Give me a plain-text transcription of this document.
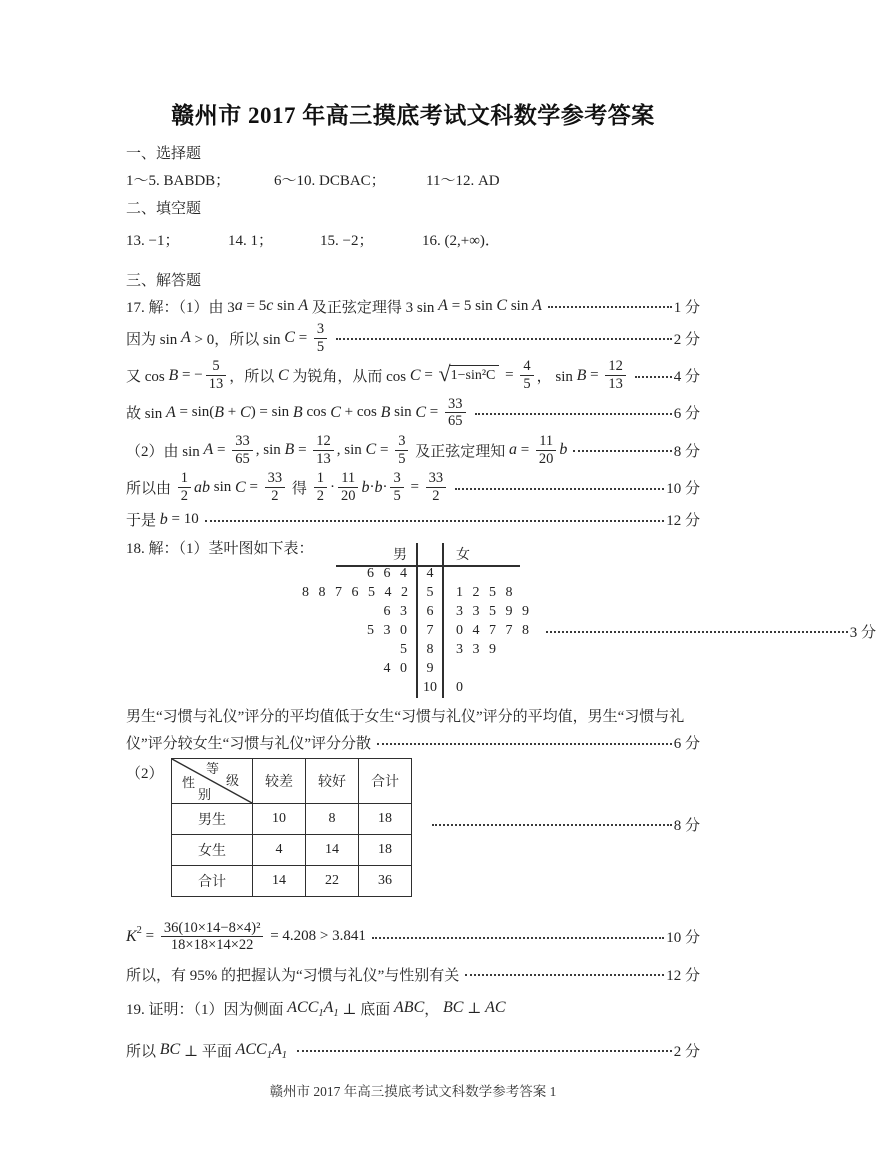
赣州市 2017 年高三摸底考试文科数学参考答案
一、选择题
1～5. BABDB；	6～10. DCBAC；	11～12. AD
二、填空题
13. −1；	14. 1；	15. −2；	16. (2,+∞)．
三、解答题
17. 解：（1）由 3 a = 5 c sin A 及正弦定理得 3 sin A = 5 sin C sin A	1 分
因为 sin A > 0，所以 $\sin C = \frac{3}{5}$	2 分
又 cos B = − $\frac{5}{13}$ ，所以 C 为锐角，从而 cos C = √ $1-\sin^2C = \frac{4}{5}$ ， $\sin B = \frac{12}{13}$	4 分
故 sin A = sin( B + C ) = sin B cos C + cos B $\sin C = \frac{33}{65}$	6 分
（2）由 $\sin A = \frac{33}{65}$ , $\sin B = \frac{12}{13}$ , $\sin C = \frac{3}{5}$ 及正弦定理知 $a = \frac{11}{20}$ b	8 分
所以由 $\frac{1}{2}$ ab $\sin C = \frac{33}{2}$ 得 $\frac{1}{2} \cdot \frac{11}{20}$ $b \cdot b \cdot \frac{3}{5} = \frac{33}{2}$	10 分
于是 b = 10	12 分
18. 解：（1）茎叶图如下表：	男	女
6 6 4	4
8 8 7 6 5 4 2	5	1 2 5 8
6 3	6	3 3 5 9 9
5 3 0	7	0 4 7 7 8	3 分
5	8	3 3 9
4 0	9
10	0
男生“习惯与礼仪”评分的平均值低于女生“习惯与礼仪”评分的平均值，男生“习惯与礼
仪”评分较女生“习惯与礼仪”评分分散	6 分
（2）	等
级
性
别	较差	较好	合计
男生	10	8	18
女生	4	14	18
合计	14	22	36
8 分
K $2 = \frac{\text{36(10×14−8×4)²}}{18\times 18\times 14\times 22} = 4.208 > 3.841$	10 分
所以，有 95% 的把握认为“习惯与礼仪”与性别有关	12 分
19. 证明：（1）因为侧面 ACC 1 A 1 ⊥ 底面 ABC ， BC ⊥ AC
所以 BC ⊥ 平面 ACC 1 A 1
	2 分
赣州市 2017 年高三摸底考试文科数学参考答案 1
